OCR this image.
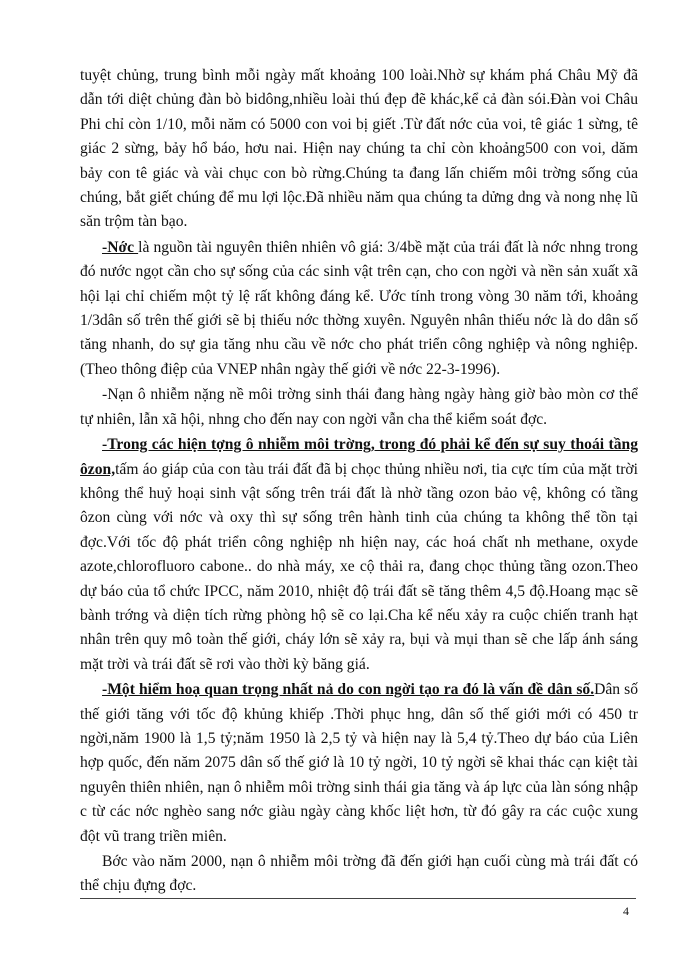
tuyệt chủng, trung bình mỗi ngày mất khoảng 100 loài.Nhờ sự khám phá Châu Mỹ đã dẫn tới diệt chủng đàn bò bidông,nhiều loài thú đẹp đẽ khác,kể cả đàn sói.Đàn voi Châu Phi chỉ còn 1/10, mỗi năm có 5000 con voi bị giết .Từ đất nớc của voi, tê giác 1 sừng, tê giác 2 sừng, bảy hổ báo, hơu nai. Hiện nay chúng ta chỉ còn khoảng500 con voi, dăm bảy con tê giác và vài chục con bò rừng.Chúng ta đang lấn chiếm môi trờng sống của chúng, bắt giết chúng để mu lợi lộc.Đã nhiều năm qua chúng ta dửng dng và nong nhẹ lũ săn trộm tàn bạo.

-Nớc là nguồn tài nguyên thiên nhiên vô giá: 3/4bề mặt của trái đất là nớc nhng trong đó nước ngọt cần cho sự sống của các sinh vật trên cạn, cho con ngời và nền sản xuất xã hội lại chỉ chiếm một tỷ lệ rất không đáng kể. Ước tính trong vòng 30 năm tới, khoảng 1/3dân số trên thế giới sẽ bị thiếu nớc thờng xuyên. Nguyên nhân thiếu nớc là do dân số tăng nhanh, do sự gia tăng nhu cầu về nớc cho phát triển công nghiệp và nông nghiệp.(Theo thông điệp của VNEP nhân ngày thế giới về nớc 22-3-1996).

-Nạn ô nhiễm nặng nề môi trờng sinh thái đang hàng ngày hàng giờ bào mòn cơ thể tự nhiên, lẫn xã hội, nhng cho đến nay con ngời vẫn cha thể kiểm soát đợc.

-Trong các hiện tợng ô nhiễm môi trờng, trong đó phải kể đến sự suy thoái tầng ôzon,tấm áo giáp của con tàu trái đất đã bị chọc thủng nhiều nơi, tia cực tím của mặt trời không thể huỷ hoại sinh vật sống trên trái đất là nhờ tầng ozon bảo vệ, không có tầng ôzon cùng với nớc và oxy thì sự sống trên hành tinh của chúng ta không thể tồn tại đợc.Với tốc độ phát triển công nghiệp nh hiện nay, các hoá chất nh methane, oxyde azote,chlorofluoro cabone.. do nhà máy, xe cộ thải ra, đang chọc thủng tầng ozon.Theo dự báo của tổ chức IPCC, năm 2010, nhiệt độ trái đất sẽ tăng thêm 4,5 độ.Hoang mạc sẽ bành trớng và diện tích rừng phòng hộ sẽ co lại.Cha kể nếu xảy ra cuộc chiến tranh hạt nhân trên quy mô toàn thế giới, cháy lớn sẽ xảy ra, bụi và mụi than sẽ che lấp ánh sáng mặt trời và trái đất sẽ rơi vào thời kỳ băng giá.

-Một hiểm hoạ quan trọng nhất nả do con ngời tạo ra đó là vấn đề dân số.Dân số thế giới tăng với tốc độ khủng khiếp .Thời phục hng, dân số thế giới mới có 450 tr ngời,năm 1900 là 1,5 tỷ;năm 1950 là 2,5 tỷ và hiện nay là 5,4 tỷ.Theo dự báo của Liên hợp quốc, đến năm 2075 dân số thế giớ là 10 tỷ ngời, 10 tỷ ngời sẽ khai thác cạn kiệt tài nguyên thiên nhiên, nạn ô nhiễm môi trờng sinh thái gia tăng và áp lực của làn sóng nhập c từ các nớc nghèo sang nớc giàu ngày càng khốc liệt hơn, từ đó gây ra các cuộc xung đột vũ trang triền miên.

Bớc vào năm 2000, nạn ô nhiễm môi trờng đã đến giới hạn cuối cùng mà trái đất có thể chịu đựng đợc.

4
